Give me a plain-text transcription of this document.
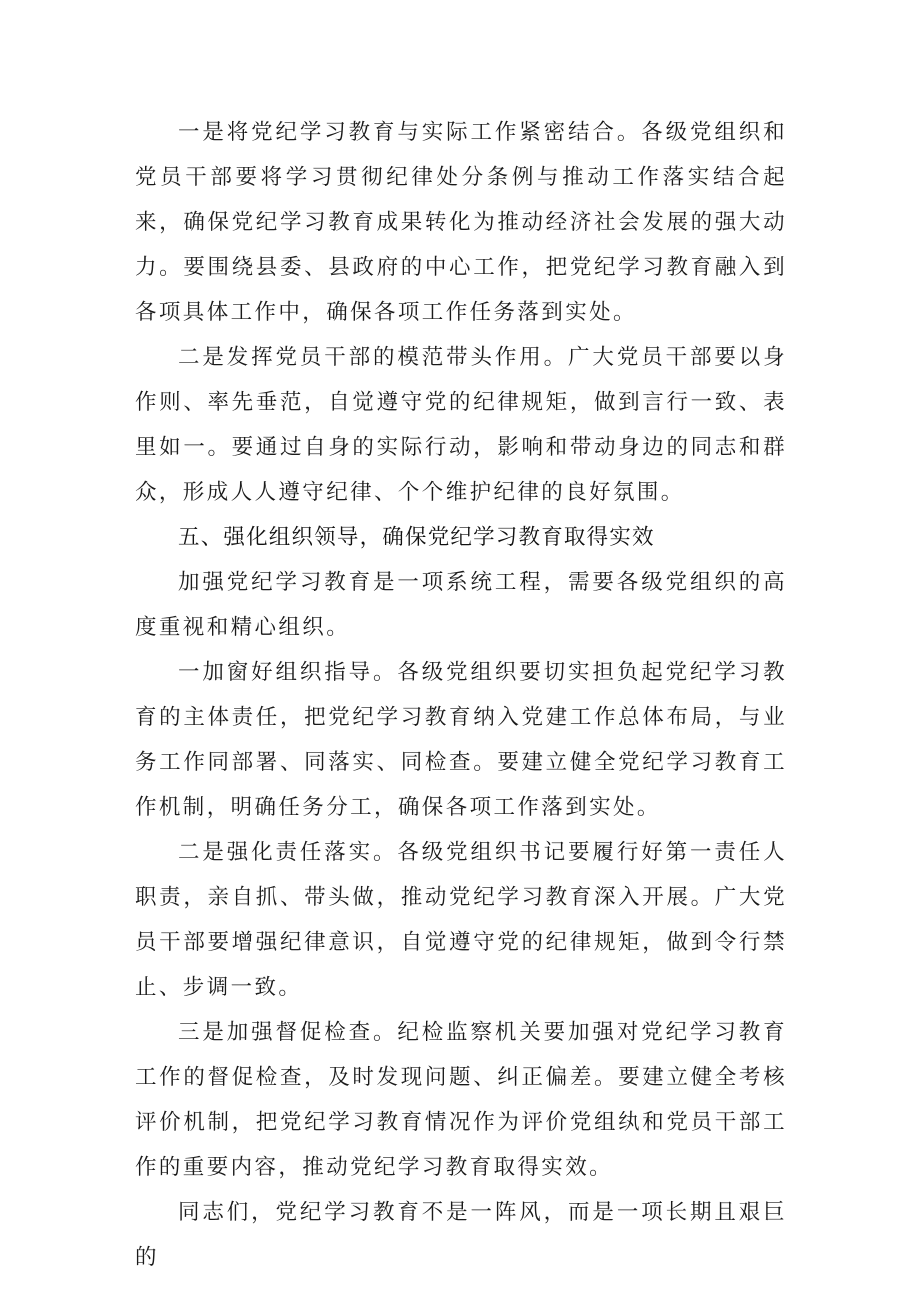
一是将党纪学习教育与实际工作紧密结合。各级党组织和党员干部要将学习贯彻纪律处分条例与推动工作落实结合起来，确保党纪学习教育成果转化为推动经济社会发展的强大动力。要围绕县委、县政府的中心工作，把党纪学习教育融入到各项具体工作中，确保各项工作任务落到实处。

二是发挥党员干部的模范带头作用。广大党员干部要以身作则、率先垂范，自觉遵守党的纪律规矩，做到言行一致、表里如一。要通过自身的实际行动，影响和带动身边的同志和群众，形成人人遵守纪律、个个维护纪律的良好氛围。

五、强化组织领导，确保党纪学习教育取得实效

加强党纪学习教育是一项系统工程，需要各级党组织的高度重视和精心组织。

一加窗好组织指导。各级党组织要切实担负起党纪学习教育的主体责任，把党纪学习教育纳入党建工作总体布局，与业务工作同部署、同落实、同检查。要建立健全党纪学习教育工作机制，明确任务分工，确保各项工作落到实处。

二是强化责任落实。各级党组织书记要履行好第一责任人职责，亲自抓、带头做，推动党纪学习教育深入开展。广大党员干部要增强纪律意识，自觉遵守党的纪律规矩，做到令行禁止、步调一致。

三是加强督促检查。纪检监察机关要加强对党纪学习教育工作的督促检查，及时发现问题、纠正偏差。要建立健全考核评价机制，把党纪学习教育情况作为评价党组纨和党员干部工作的重要内容，推动党纪学习教育取得实效。

同志们，党纪学习教育不是一阵风，而是一项长期且艰巨的
